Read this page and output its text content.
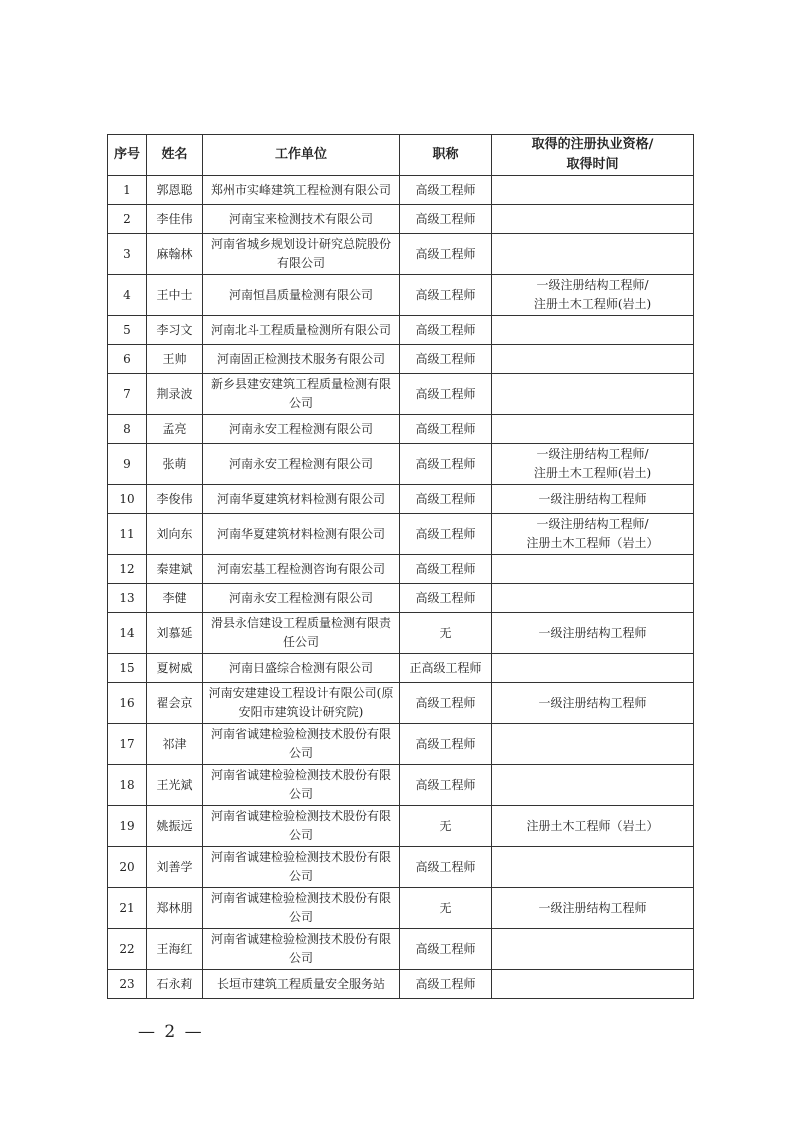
序号	姓名	工作单位	职称	取得的注册执业资格/
取得时间
1	郭恩聪	郑州市实峰建筑工程检测有限公司	高级工程师	
2	李佳伟	河南宝来检测技术有限公司	高级工程师	
3	麻翰林	河南省城乡规划设计研究总院股份有限公司	高级工程师	
4	王中士	河南恒昌质量检测有限公司	高级工程师	一级注册结构工程师/
注册土木工程师(岩土)
5	李习文	河南北斗工程质量检测所有限公司	高级工程师	
6	王帅	河南固正检测技术服务有限公司	高级工程师	
7	荆录波	新乡县建安建筑工程质量检测有限公司	高级工程师	
8	孟亮	河南永安工程检测有限公司	高级工程师	
9	张萌	河南永安工程检测有限公司	高级工程师	一级注册结构工程师/
注册土木工程师(岩土)
10	李俊伟	河南华夏建筑材料检测有限公司	高级工程师	一级注册结构工程师
11	刘向东	河南华夏建筑材料检测有限公司	高级工程师	一级注册结构工程师/
注册土木工程师（岩土）
12	秦建斌	河南宏基工程检测咨询有限公司	高级工程师	
13	李健	河南永安工程检测有限公司	高级工程师	
14	刘慕延	滑县永信建设工程质量检测有限责任公司	无	一级注册结构工程师
15	夏树威	河南日盛综合检测有限公司	正高级工程师	
16	翟会京	河南安建建设工程设计有限公司(原安阳市建筑设计研究院)	高级工程师	一级注册结构工程师
17	祁津	河南省诚建检验检测技术股份有限公司	高级工程师	
18	王光斌	河南省诚建检验检测技术股份有限公司	高级工程师	
19	姚振远	河南省诚建检验检测技术股份有限公司	无	注册土木工程师（岩土）
20	刘善学	河南省诚建检验检测技术股份有限公司	高级工程师	
21	郑林朋	河南省诚建检验检测技术股份有限公司	无	一级注册结构工程师
22	王海红	河南省诚建检验检测技术股份有限公司	高级工程师	
23	石永莉	长垣市建筑工程质量安全服务站	高级工程师	
— 2 —
